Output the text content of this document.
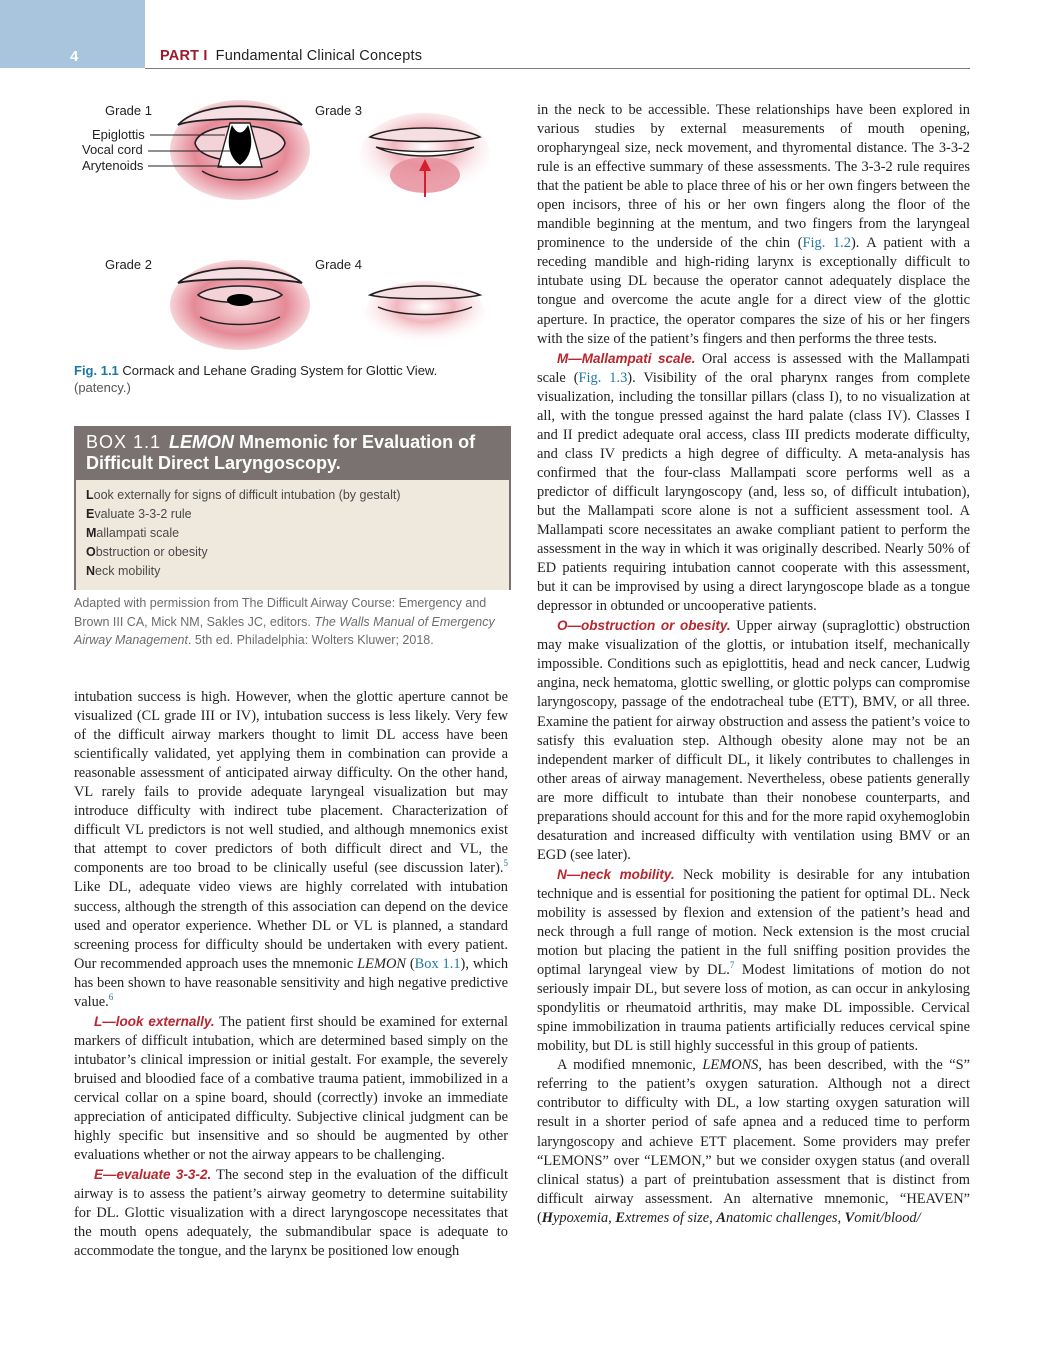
4	PART I Fundamental Clinical Concepts
Grade 1	Grade 3
Epiglottis
Vocal cord
Arytenoids
Grade 2	Grade 4
Fig. 1.1 Cormack and Lehane Grading System for Glottic View.
(patency.)
BOX 1.1 LEMON Mnemonic for Evaluation of Difficult Direct Laryngoscopy.
Look externally for signs of difficult intubation (by gestalt)
Evaluate 3-3-2 rule
Mallampati scale
Obstruction or obesity
Neck mobility
Adapted with permission from The Difficult Airway Course: Emergency and Brown III CA, Mick NM, Sakles JC, editors. The Walls Manual of Emergency Airway Management. 5th ed. Philadelphia: Wolters Kluwer; 2018.

intubation success is high. However, when the glottic aperture cannot be visualized (CL grade III or IV), intubation success is less likely. Very few of the difficult airway markers thought to limit DL access have been scientifically validated, yet applying them in combination can provide a reasonable assessment of anticipated airway difficulty. On the other hand, VL rarely fails to provide adequate laryngeal visualization but may introduce difficulty with indirect tube placement. Characterization of difficult VL predictors is not well studied, and although mnemonics exist that attempt to cover predictors of both difficult direct and VL, the components are too broad to be clinically useful (see discussion later).$^5$ Like DL, adequate video views are highly correlated with intubation success, although the strength of this association can depend on the device used and operator experience. Whether DL or VL is planned, a standard screening process for difficulty should be undertaken with every patient. Our recommended approach uses the mnemonic LEMON (Box 1.1), which has been shown to have reasonable sensitivity and high negative predictive value.$^6$

L—look externally. The patient first should be examined for external markers of difficult intubation, which are determined based simply on the intubator’s clinical impression or initial gestalt. For example, the severely bruised and bloodied face of a combative trauma patient, immobilized in a cervical collar on a spine board, should (correctly) invoke an immediate appreciation of anticipated difficulty. Subjective clinical judgment can be highly specific but insensitive and so should be augmented by other evaluations whether or not the airway appears to be challenging.

E—evaluate 3-3-2. The second step in the evaluation of the difficult airway is to assess the patient’s airway geometry to determine suitability for DL. Glottic visualization with a direct laryngoscope necessitates that the mouth opens adequately, the submandibular space is adequate to accommodate the tongue, and the larynx be positioned low enough

in the neck to be accessible. These relationships have been explored in various studies by external measurements of mouth opening, oropharyngeal size, neck movement, and thyromental distance. The 3-3-2 rule is an effective summary of these assessments. The 3-3-2 rule requires that the patient be able to place three of his or her own fingers between the open incisors, three of his or her own fingers along the floor of the mandible beginning at the mentum, and two fingers from the laryngeal prominence to the underside of the chin (Fig. 1.2). A patient with a receding mandible and high-riding larynx is exceptionally difficult to intubate using DL because the operator cannot adequately displace the tongue and overcome the acute angle for a direct view of the glottic aperture. In practice, the operator compares the size of his or her fingers with the size of the patient’s fingers and then performs the three tests.

M—Mallampati scale. Oral access is assessed with the Mallampati scale (Fig. 1.3). Visibility of the oral pharynx ranges from complete visualization, including the tonsillar pillars (class I), to no visualization at all, with the tongue pressed against the hard palate (class IV). Classes I and II predict adequate oral access, class III predicts moderate difficulty, and class IV predicts a high degree of difficulty. A meta-analysis has confirmed that the four-class Mallampati score performs well as a predictor of difficult laryngoscopy (and, less so, of difficult intubation), but the Mallampati score alone is not a sufficient assessment tool. A Mallampati score necessitates an awake compliant patient to perform the assessment in the way in which it was originally described. Nearly 50% of ED patients requiring intubation cannot cooperate with this assessment, but it can be improvised by using a direct laryngoscope blade as a tongue depressor in obtunded or uncooperative patients.

O—obstruction or obesity. Upper airway (supraglottic) obstruction may make visualization of the glottis, or intubation itself, mechanically impossible. Conditions such as epiglottitis, head and neck cancer, Ludwig angina, neck hematoma, glottic swelling, or glottic polyps can compromise laryngoscopy, passage of the endotracheal tube (ETT), BMV, or all three. Examine the patient for airway obstruction and assess the patient’s voice to satisfy this evaluation step. Although obesity alone may not be an independent marker of difficult DL, it likely contributes to challenges in other areas of airway management. Nevertheless, obese patients generally are more difficult to intubate than their nonobese counterparts, and preparations should account for this and for the more rapid oxyhemoglobin desaturation and increased difficulty with ventilation using BMV or an EGD (see later).

N—neck mobility. Neck mobility is desirable for any intubation technique and is essential for positioning the patient for optimal DL. Neck mobility is assessed by flexion and extension of the patient’s head and neck through a full range of motion. Neck extension is the most crucial motion but placing the patient in the full sniffing position provides the optimal laryngeal view by DL.$^7$ Modest limitations of motion do not seriously impair DL, but severe loss of motion, as can occur in ankylosing spondylitis or rheumatoid arthritis, may make DL impossible. Cervical spine immobilization in trauma patients artificially reduces cervical spine mobility, but DL is still highly successful in this group of patients.

A modified mnemonic, LEMONS, has been described, with the “S” referring to the patient’s oxygen saturation. Although not a direct contributor to difficulty with DL, a low starting oxygen saturation will result in a shorter period of safe apnea and a reduced time to perform laryngoscopy and achieve ETT placement. Some providers may prefer “LEMONS” over “LEMON,” but we consider oxygen status (and overall clinical status) a part of preintubation assessment that is distinct from difficult airway assessment. An alternative mnemonic, “HEAVEN” (Hypoxemia, Extremes of size, Anatomic challenges, Vomit/blood/
